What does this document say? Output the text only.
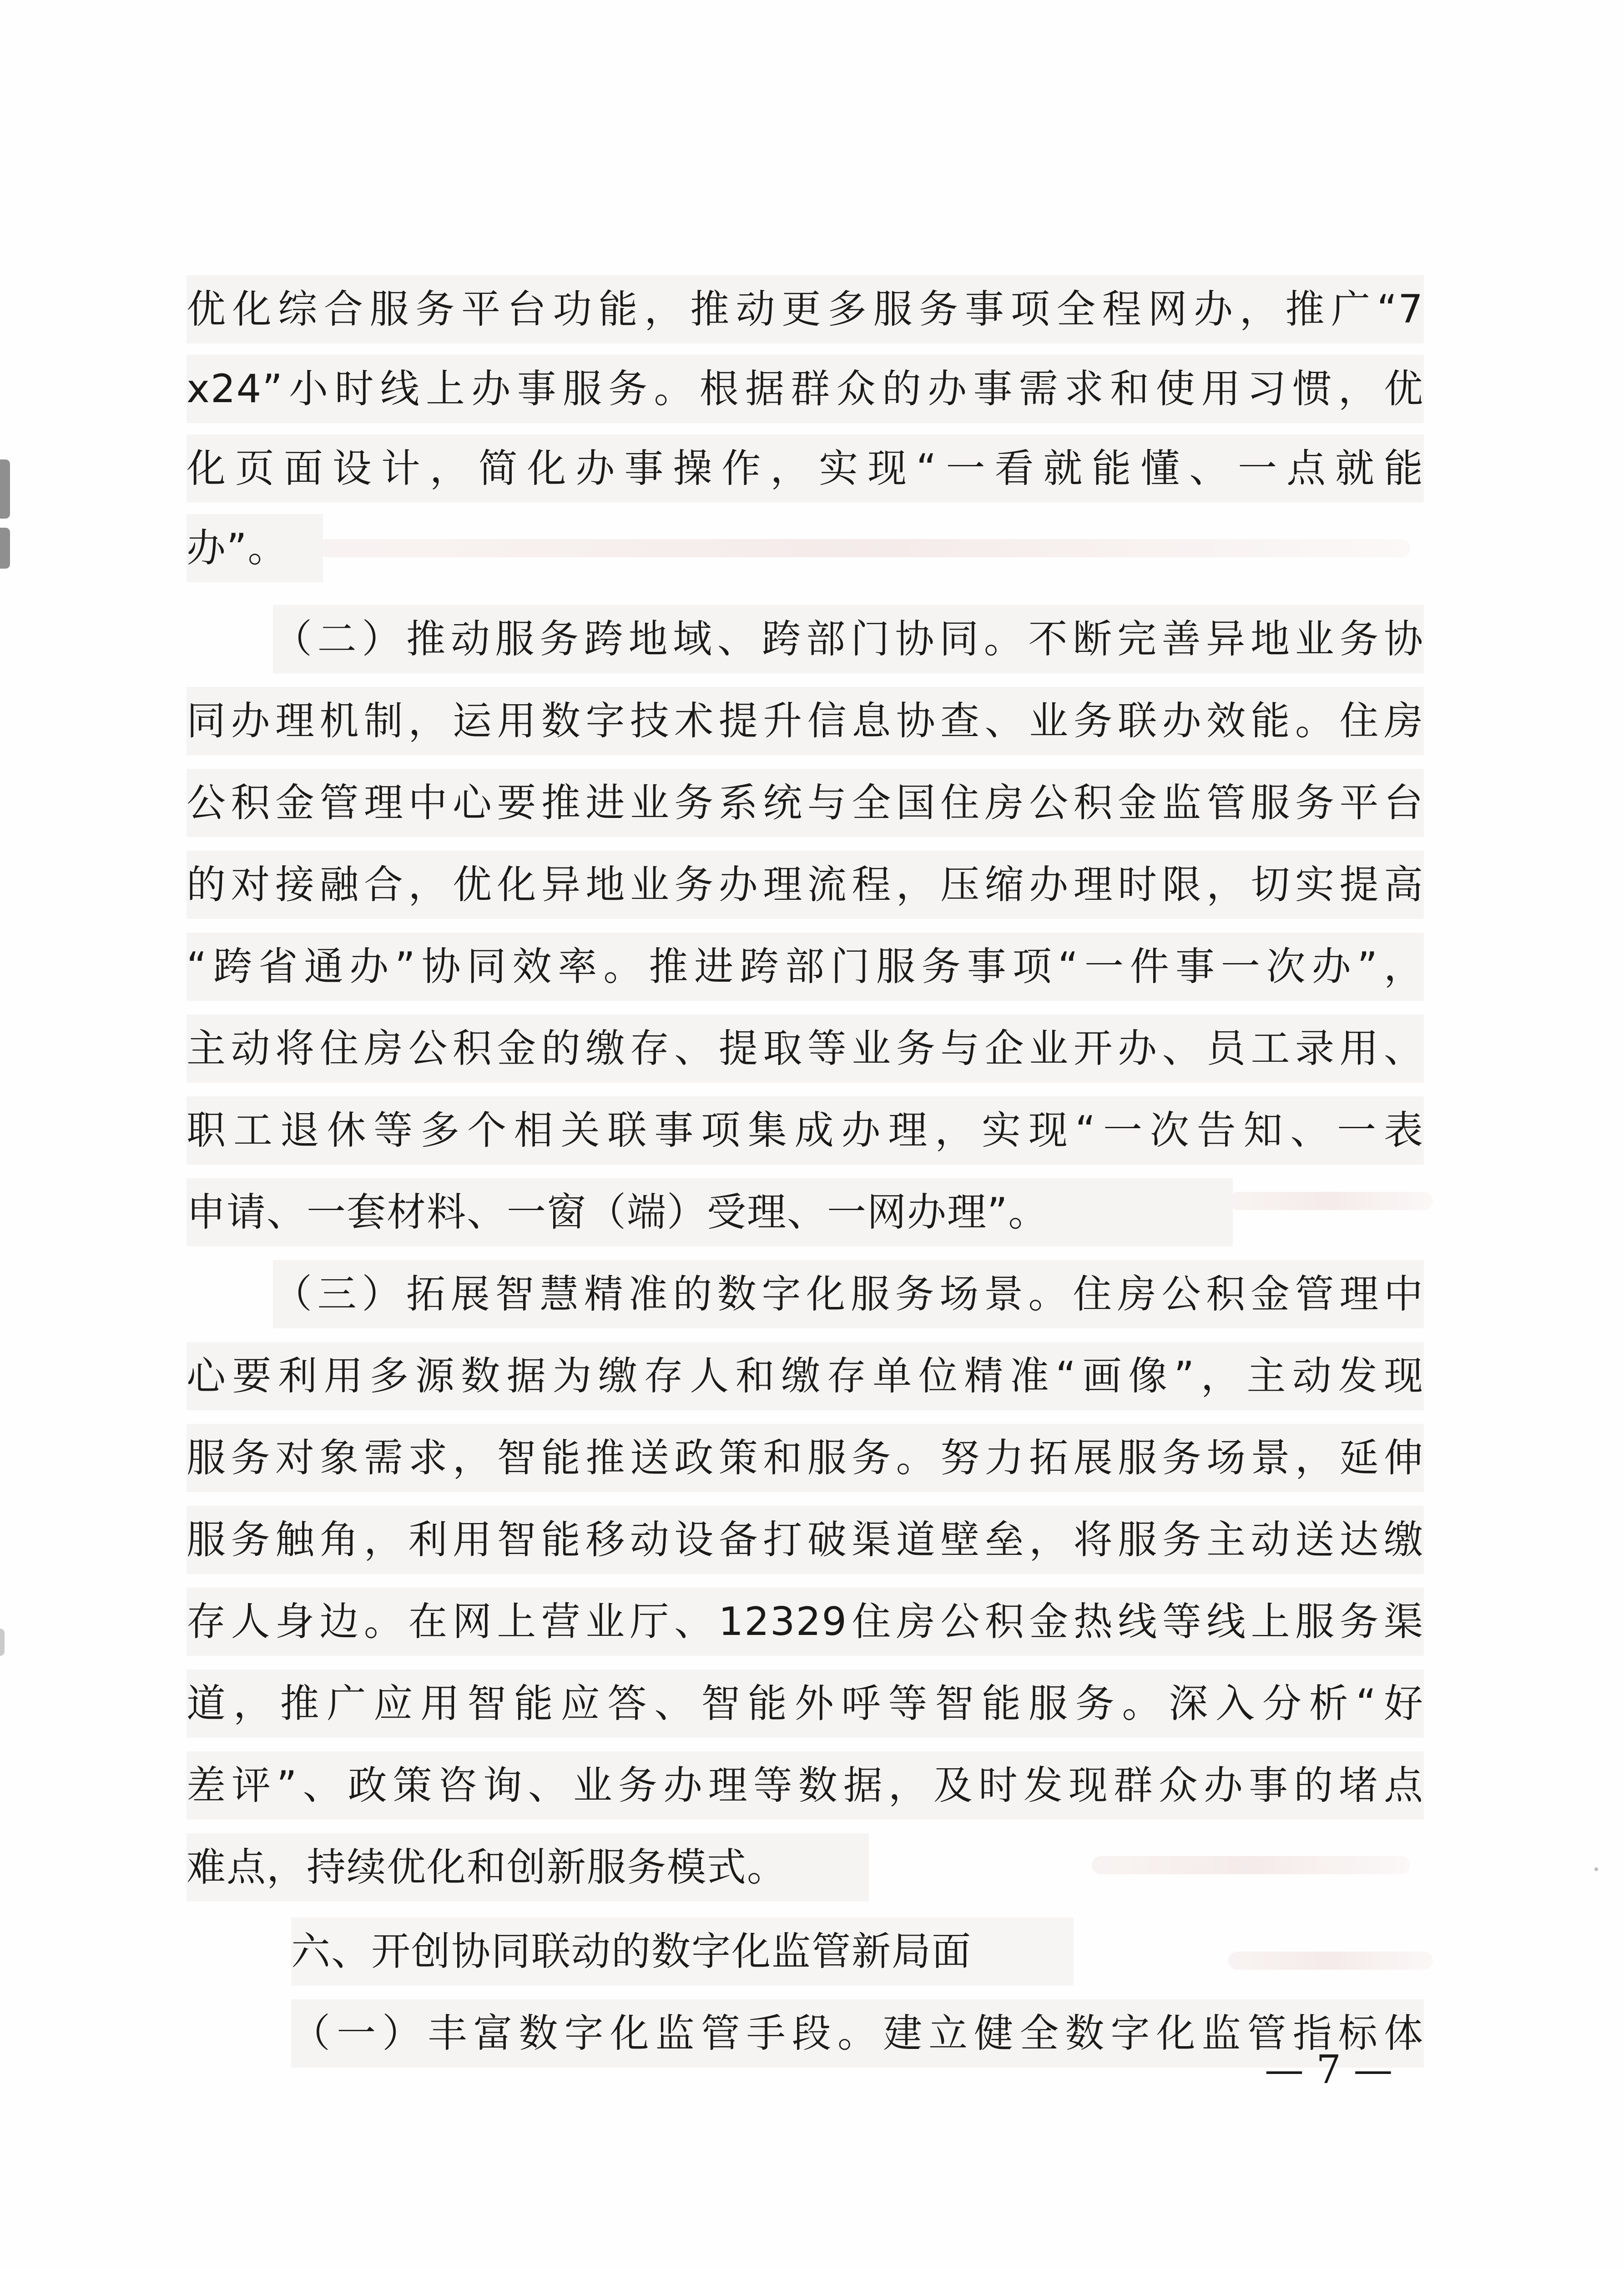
优化综合服务平台功能，推动更多服务事项全程网办，推广“7
x24”小时线上办事服务。根据群众的办事需求和使用习惯，优
化页面设计，简化办事操作，实现“一看就能懂、一点就能
办”。
（二）推动服务跨地域、跨部门协同。不断完善异地业务协
同办理机制，运用数字技术提升信息协查、业务联办效能。住房
公积金管理中心要推进业务系统与全国住房公积金监管服务平台
的对接融合，优化异地业务办理流程，压缩办理时限，切实提高
“跨省通办”协同效率。推进跨部门服务事项“一件事一次办”，
主动将住房公积金的缴存、提取等业务与企业开办、员工录用、
职工退休等多个相关联事项集成办理，实现“一次告知、一表
申请、一套材料、一窗（端）受理、一网办理”。
（三）拓展智慧精准的数字化服务场景。住房公积金管理中
心要利用多源数据为缴存人和缴存单位精准“画像”，主动发现
服务对象需求，智能推送政策和服务。努力拓展服务场景，延伸
服务触角，利用智能移动设备打破渠道壁垒，将服务主动送达缴
存人身边。在网上营业厅、12329住房公积金热线等线上服务渠
道，推广应用智能应答、智能外呼等智能服务。深入分析“好
差评”、政策咨询、业务办理等数据，及时发现群众办事的堵点
难点，持续优化和创新服务模式。
六、开创协同联动的数字化监管新局面
（一）丰富数字化监管手段。建立健全数字化监管指标体
— 7 —
